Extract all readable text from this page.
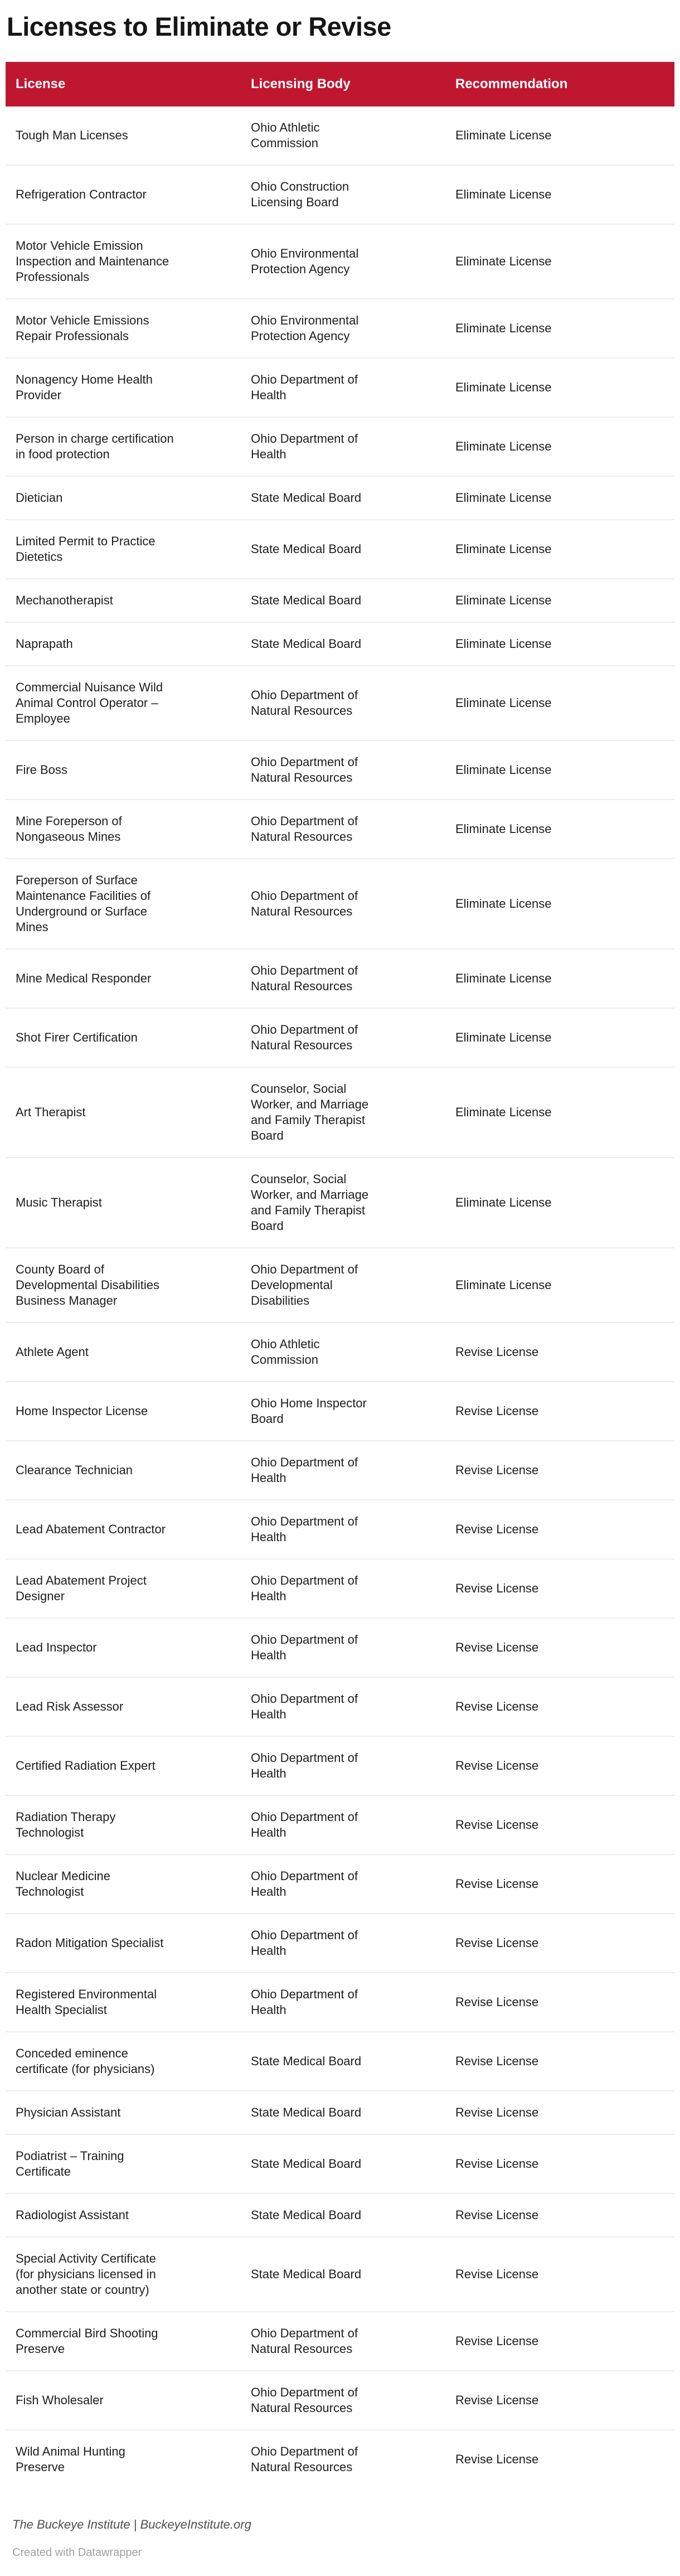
Licenses to Eliminate or Revise
License	Licensing Body	Recommendation

Tough Man Licenses	Ohio Athletic Commission	Eliminate License

Refrigeration Contractor	Ohio Construction Licensing Board	Eliminate License

Motor Vehicle Emission Inspection and Maintenance Professionals	Ohio Environmental Protection Agency	Eliminate License

Motor Vehicle Emissions Repair Professionals	Ohio Environmental Protection Agency	Eliminate License

Nonagency Home Health Provider	Ohio Department of Health	Eliminate License

Person in charge certification in food protection	Ohio Department of Health	Eliminate License

Dietician	State Medical Board	Eliminate License

Limited Permit to Practice Dietetics	State Medical Board	Eliminate License

Mechanotherapist	State Medical Board	Eliminate License

Naprapath	State Medical Board	Eliminate License

Commercial Nuisance Wild Animal Control Operator – Employee	Ohio Department of Natural Resources	Eliminate License

Fire Boss	Ohio Department of Natural Resources	Eliminate License

Mine Foreperson of Nongaseous Mines	Ohio Department of Natural Resources	Eliminate License

Foreperson of Surface Maintenance Facilities of Underground or Surface Mines	Ohio Department of Natural Resources	Eliminate License

Mine Medical Responder	Ohio Department of Natural Resources	Eliminate License

Shot Firer Certification	Ohio Department of Natural Resources	Eliminate License

Art Therapist	Counselor, Social Worker, and Marriage and Family Therapist Board	Eliminate License

Music Therapist	Counselor, Social Worker, and Marriage and Family Therapist Board	Eliminate License

County Board of Developmental Disabilities Business Manager	Ohio Department of Developmental Disabilities	Eliminate License

Athlete Agent	Ohio Athletic Commission	Revise License

Home Inspector License	Ohio Home Inspector Board	Revise License

Clearance Technician	Ohio Department of Health	Revise License

Lead Abatement Contractor	Ohio Department of Health	Revise License

Lead Abatement Project Designer	Ohio Department of Health	Revise License

Lead Inspector	Ohio Department of Health	Revise License

Lead Risk Assessor	Ohio Department of Health	Revise License

Certified Radiation Expert	Ohio Department of Health	Revise License

Radiation Therapy Technologist	Ohio Department of Health	Revise License

Nuclear Medicine Technologist	Ohio Department of Health	Revise License

Radon Mitigation Specialist	Ohio Department of Health	Revise License

Registered Environmental Health Specialist	Ohio Department of Health	Revise License

Conceded eminence certificate (for physicians)	State Medical Board	Revise License

Physician Assistant	State Medical Board	Revise License

Podiatrist – Training Certificate	State Medical Board	Revise License

Radiologist Assistant	State Medical Board	Revise License

Special Activity Certificate (for physicians licensed in another state or country)	State Medical Board	Revise License

Commercial Bird Shooting Preserve	Ohio Department of Natural Resources	Revise License

Fish Wholesaler	Ohio Department of Natural Resources	Revise License

Wild Animal Hunting Preserve	Ohio Department of Natural Resources	Revise License
The Buckeye Institute | BuckeyeInstitute.org
Created with Datawrapper
